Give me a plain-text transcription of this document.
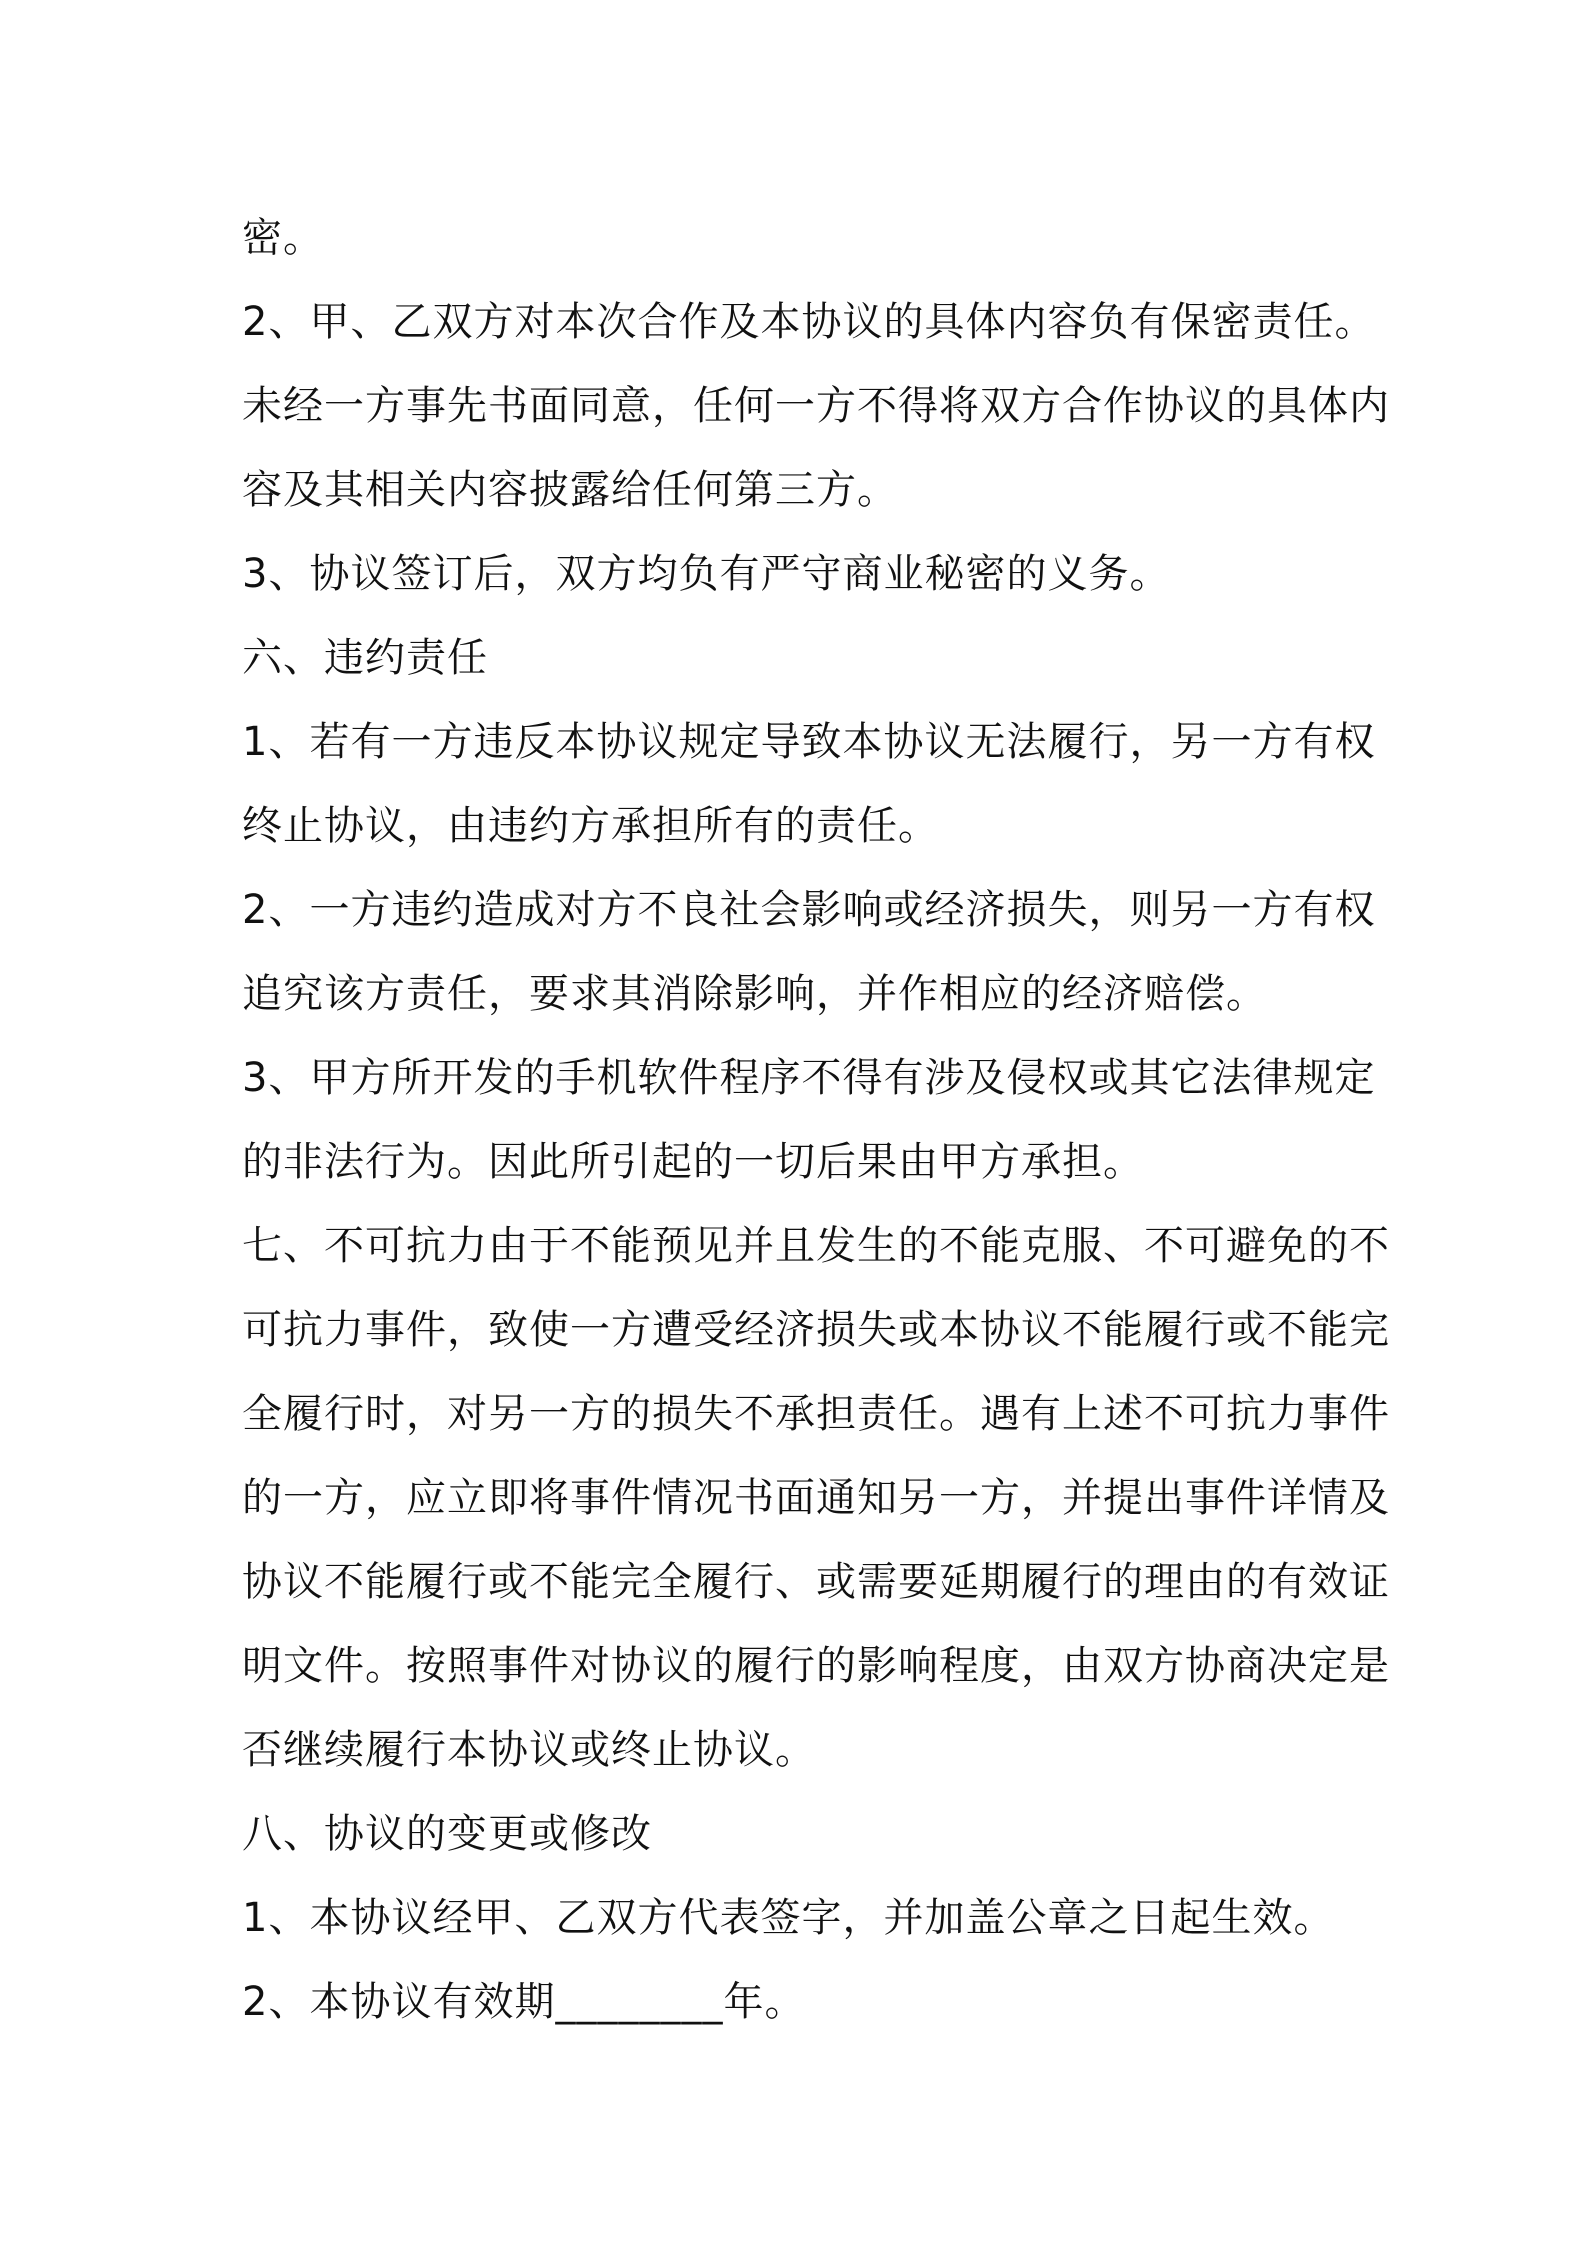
密。
2、甲、乙双方对本次合作及本协议的具体内容负有保密责任。
未经一方事先书面同意，任何一方不得将双方合作协议的具体内
容及其相关内容披露给任何第三方。
3、协议签订后，双方均负有严守商业秘密的义务。
六、违约责任
1、若有一方违反本协议规定导致本协议无法履行，另一方有权
终止协议，由违约方承担所有的责任。
2、一方违约造成对方不良社会影响或经济损失，则另一方有权
追究该方责任，要求其消除影响，并作相应的经济赔偿。
3、甲方所开发的手机软件程序不得有涉及侵权或其它法律规定
的非法行为。因此所引起的一切后果由甲方承担。
七、不可抗力由于不能预见并且发生的不能克服、不可避免的不
可抗力事件，致使一方遭受经济损失或本协议不能履行或不能完
全履行时，对另一方的损失不承担责任。遇有上述不可抗力事件
的一方，应立即将事件情况书面通知另一方，并提出事件详情及
协议不能履行或不能完全履行、或需要延期履行的理由的有效证
明文件。按照事件对协议的履行的影响程度，由双方协商决定是
否继续履行本协议或终止协议。
八、协议的变更或修改
1、本协议经甲、乙双方代表签字，并加盖公章之日起生效。
2、本协议有效期________年。
